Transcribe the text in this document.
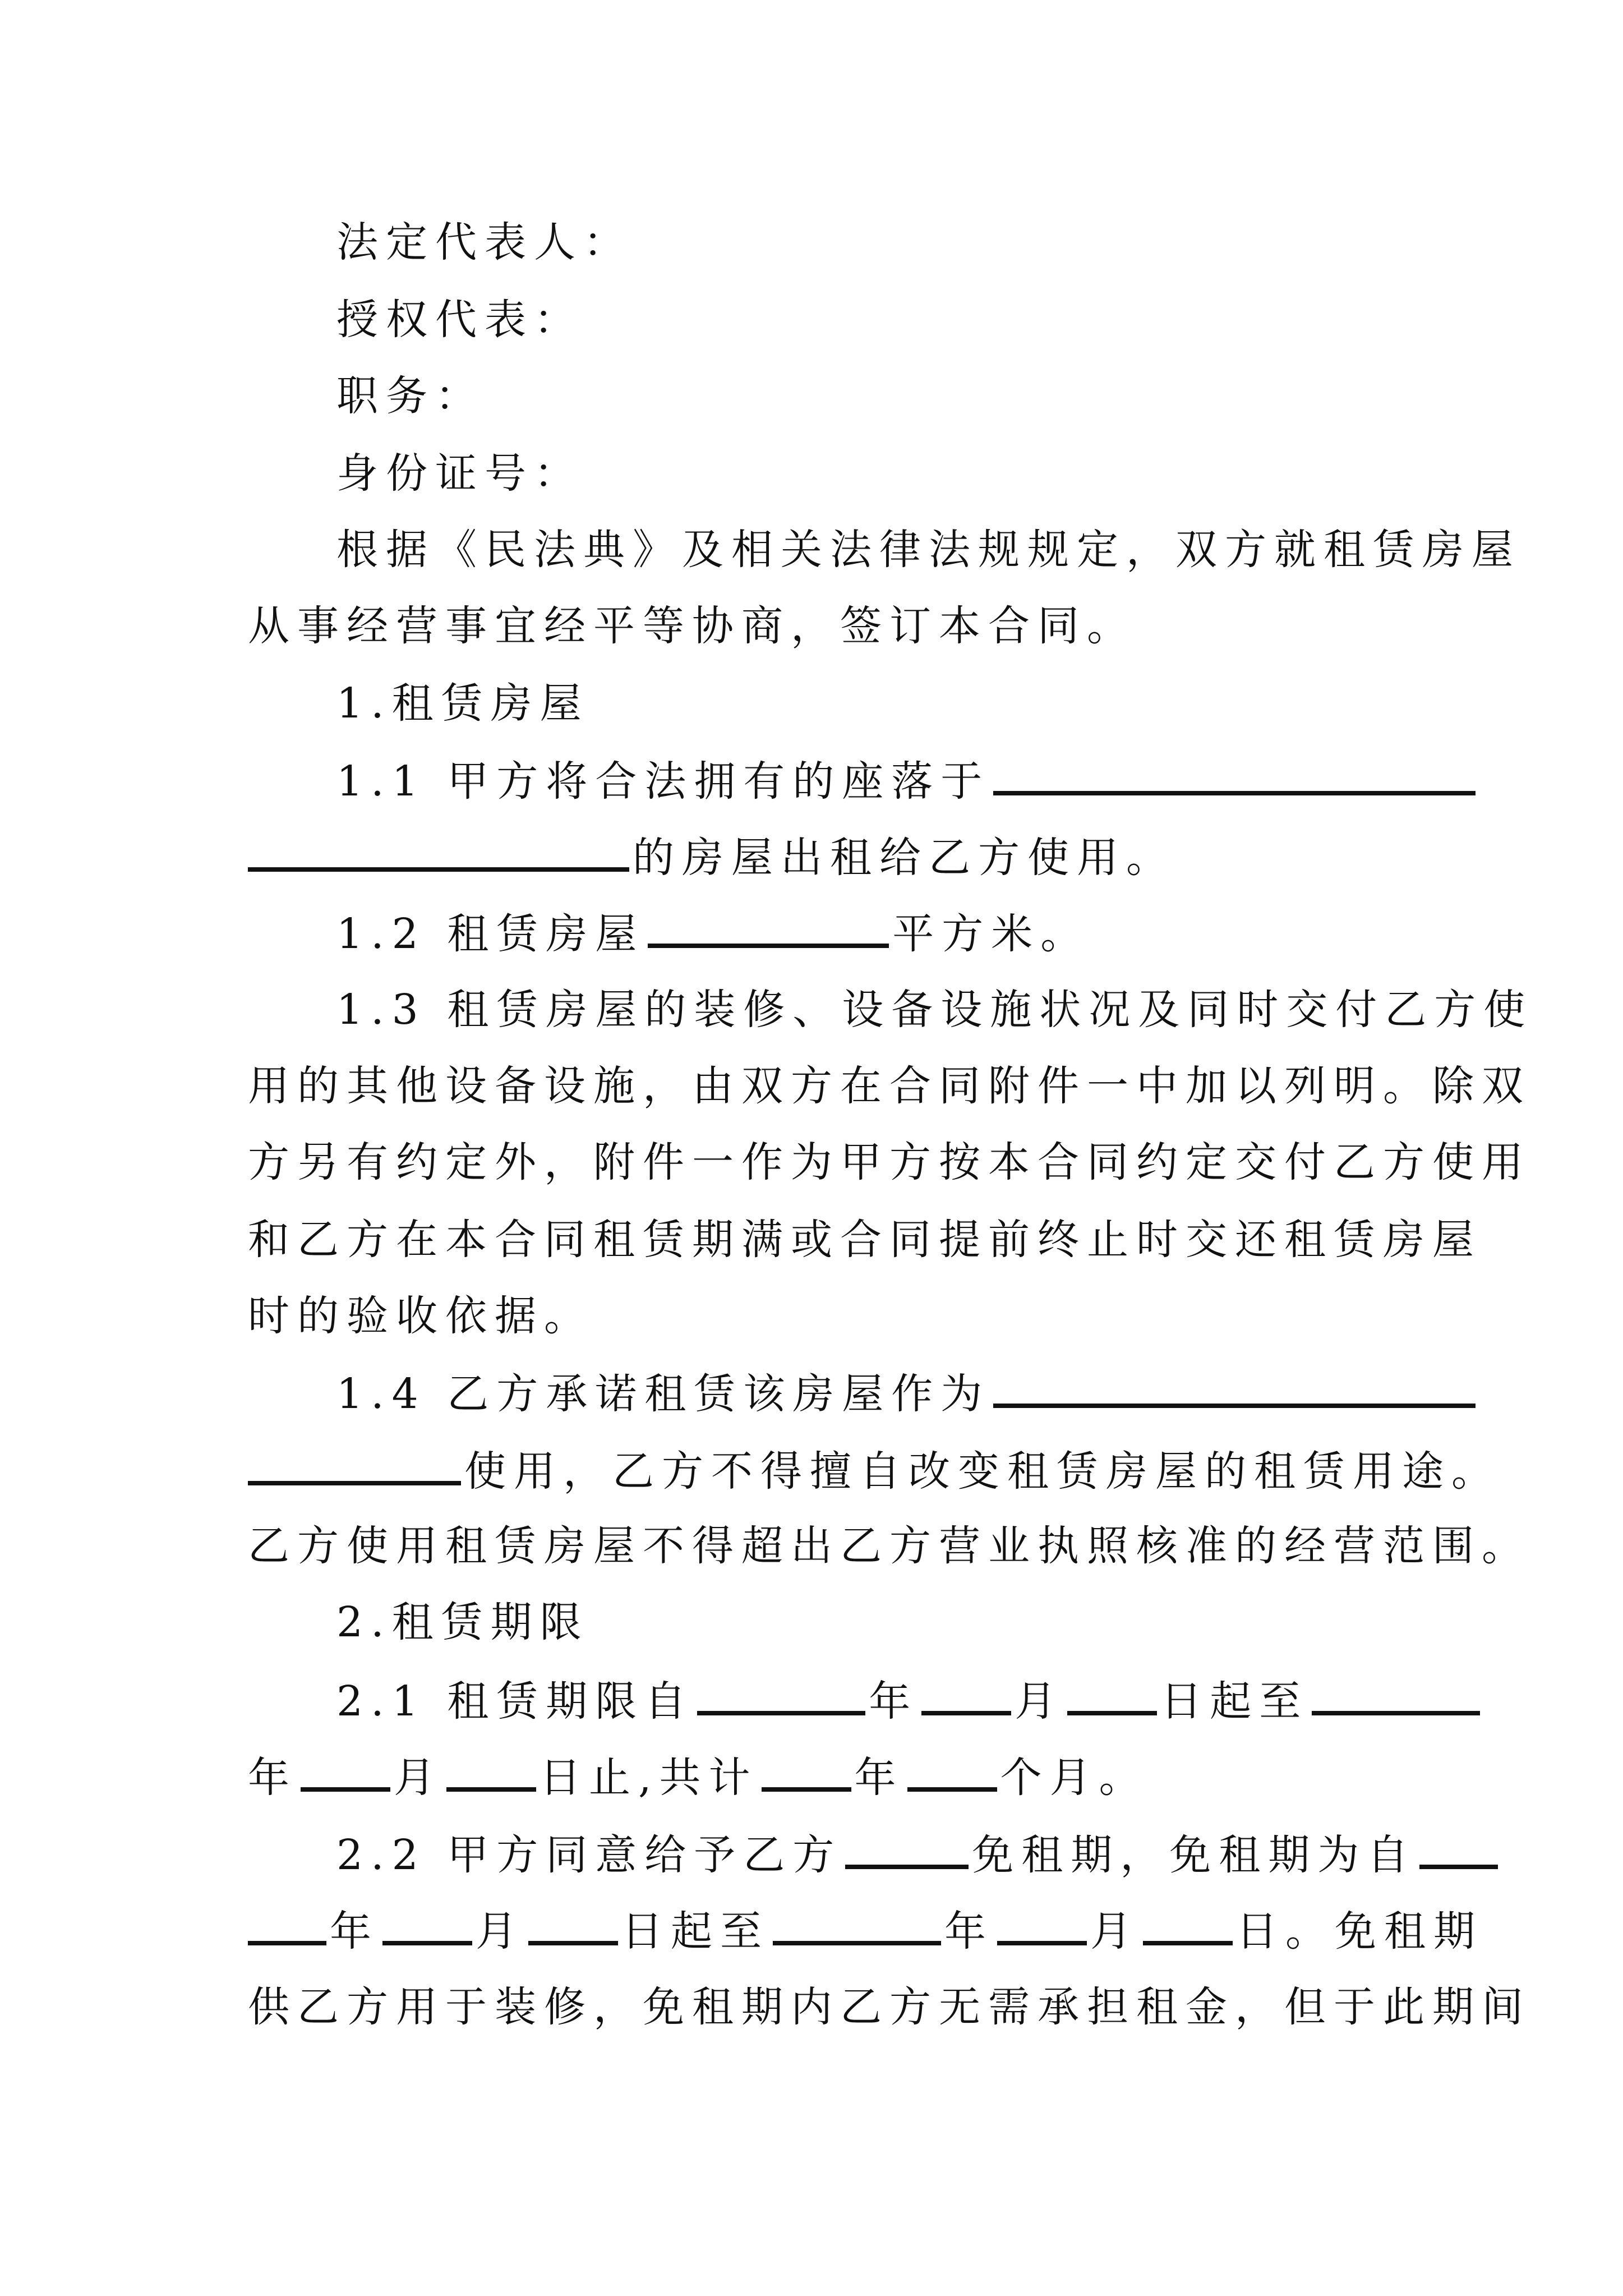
法定代表人：
授权代表：
职务：
身份证号：
根据《民法典》及相关法律法规规定，双方就租赁房屋
从事经营事宜经平等协商，签订本合同。
1.租赁房屋
1.1 甲方将合法拥有的座落于
的房屋出租给乙方使用。
1.2 租赁房屋	平方米。
1.3 租赁房屋的装修、设备设施状况及同时交付乙方使
用的其他设备设施，由双方在合同附件一中加以列明。除双
方另有约定外，附件一作为甲方按本合同约定交付乙方使用
和乙方在本合同租赁期满或合同提前终止时交还租赁房屋
时的验收依据。
1.4 乙方承诺租赁该房屋作为
使用，乙方不得擅自改变租赁房屋的租赁用途。
乙方使用租赁房屋不得超出乙方营业执照核准的经营范围。
2.租赁期限
2.1 租赁期限自	年 月 日起至
年 月 日止,共计 年 个月。
2.2 甲方同意给予乙方	免租期，免租期为自
年 月 日起至	年 月 日。免租期
供乙方用于装修，免租期内乙方无需承担租金，但于此期间
